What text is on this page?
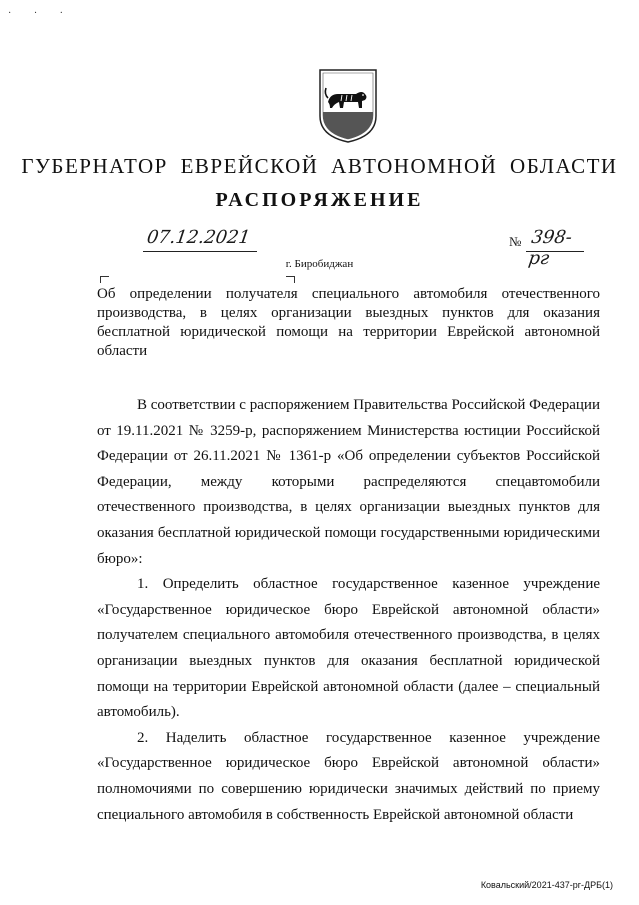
· · ·
ГУБЕРНАТОР ЕВРЕЙСКОЙ АВТОНОМНОЙ ОБЛАСТИ
РАСПОРЯЖЕНИЕ
07.12.2021	№ 398-рг
г. Биробиджан
Об определении получателя специального автомобиля отечественного производства, в целях организации выездных пунктов для оказания бесплатной юридической помощи на территории Еврейской автономной области

В соответствии с распоряжением Правительства Российской Федерации от 19.11.2021 № 3259-р, распоряжением Министерства юстиции Российской Федерации от 26.11.2021 № 1361-р «Об определении субъектов Российской Федерации, между которыми распределяются спецавтомобили отечественного производства, в целях организации выездных пунктов для оказания бесплатной юридической помощи государственными юридическими бюро»:

1. Определить областное государственное казенное учреждение «Государственное юридическое бюро Еврейской автономной области» получателем специального автомобиля отечественного производства, в целях организации выездных пунктов для оказания бесплатной юридической помощи на территории Еврейской автономной области (далее – специальный автомобиль).

2. Наделить областное государственное казенное учреждение «Государственное юридическое бюро Еврейской автономной области» полномочиями по совершению юридически значимых действий по приему специального автомобиля в собственность Еврейской автономной области

Ковальский/2021-437-рг-ДРБ(1)
